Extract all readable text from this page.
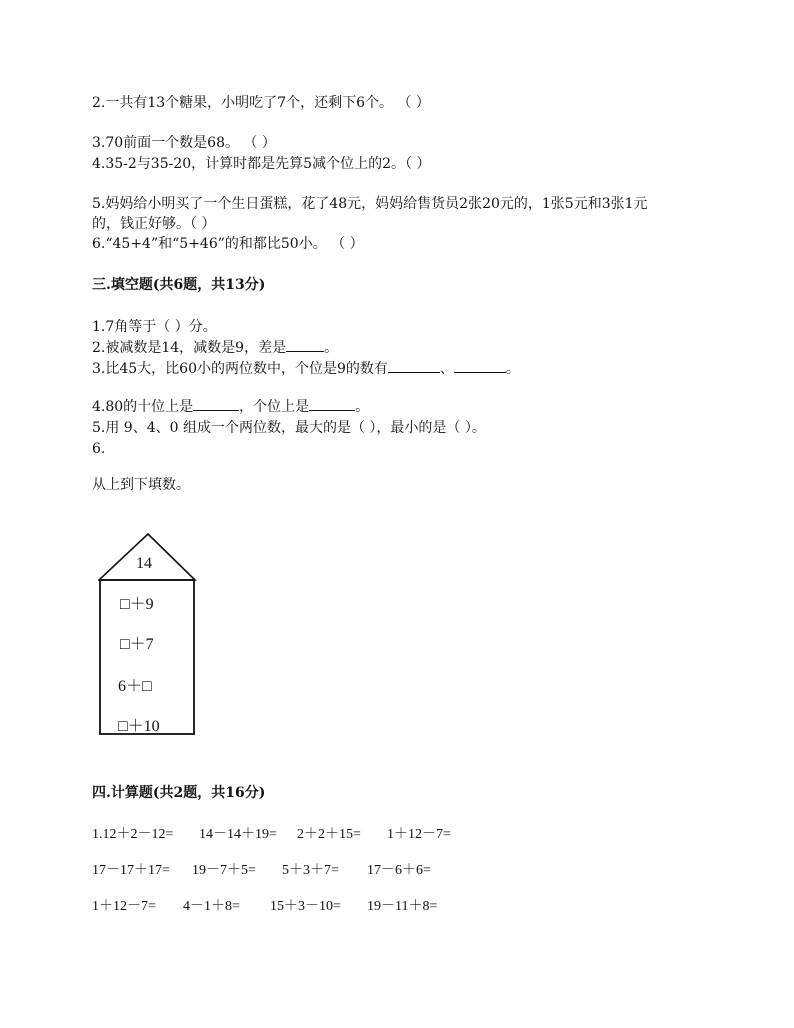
2.一共有13个糖果，小明吃了7个，还剩下6个。 （ ）
3.70前面一个数是68。 （ ）
4.35-2与35-20，计算时都是先算5减个位上的2。（ ）
5.妈妈给小明买了一个生日蛋糕，花了48元，妈妈给售货员2张20元的，1张5元和3张1元
的，钱正好够。（ ）
6.“45+4”和“5+46”的和都比50小。 （ ）
三.填空题(共6题，共13分)
1.7角等于（ ）分。
2.被减数是14，减数是9，差是	。
3.比45大，比60小的两位数中，个位是9的数有	、	。
4.80的十位上是	，个位上是	。
5.用 9、4、0 组成一个两位数，最大的是（ ），最小的是（ ）。
6.
从上到下填数。
14
□＋9
□＋7
6＋□
□＋10
四.计算题(共2题，共16分)
1.12＋2－12= 14－14＋19= 2＋2＋15= 1＋12－7=
17－17＋17= 19－7＋5= 5＋3＋7= 17－6＋6=
1＋12－7= 4－1＋8= 15＋3－10= 19－11＋8=
